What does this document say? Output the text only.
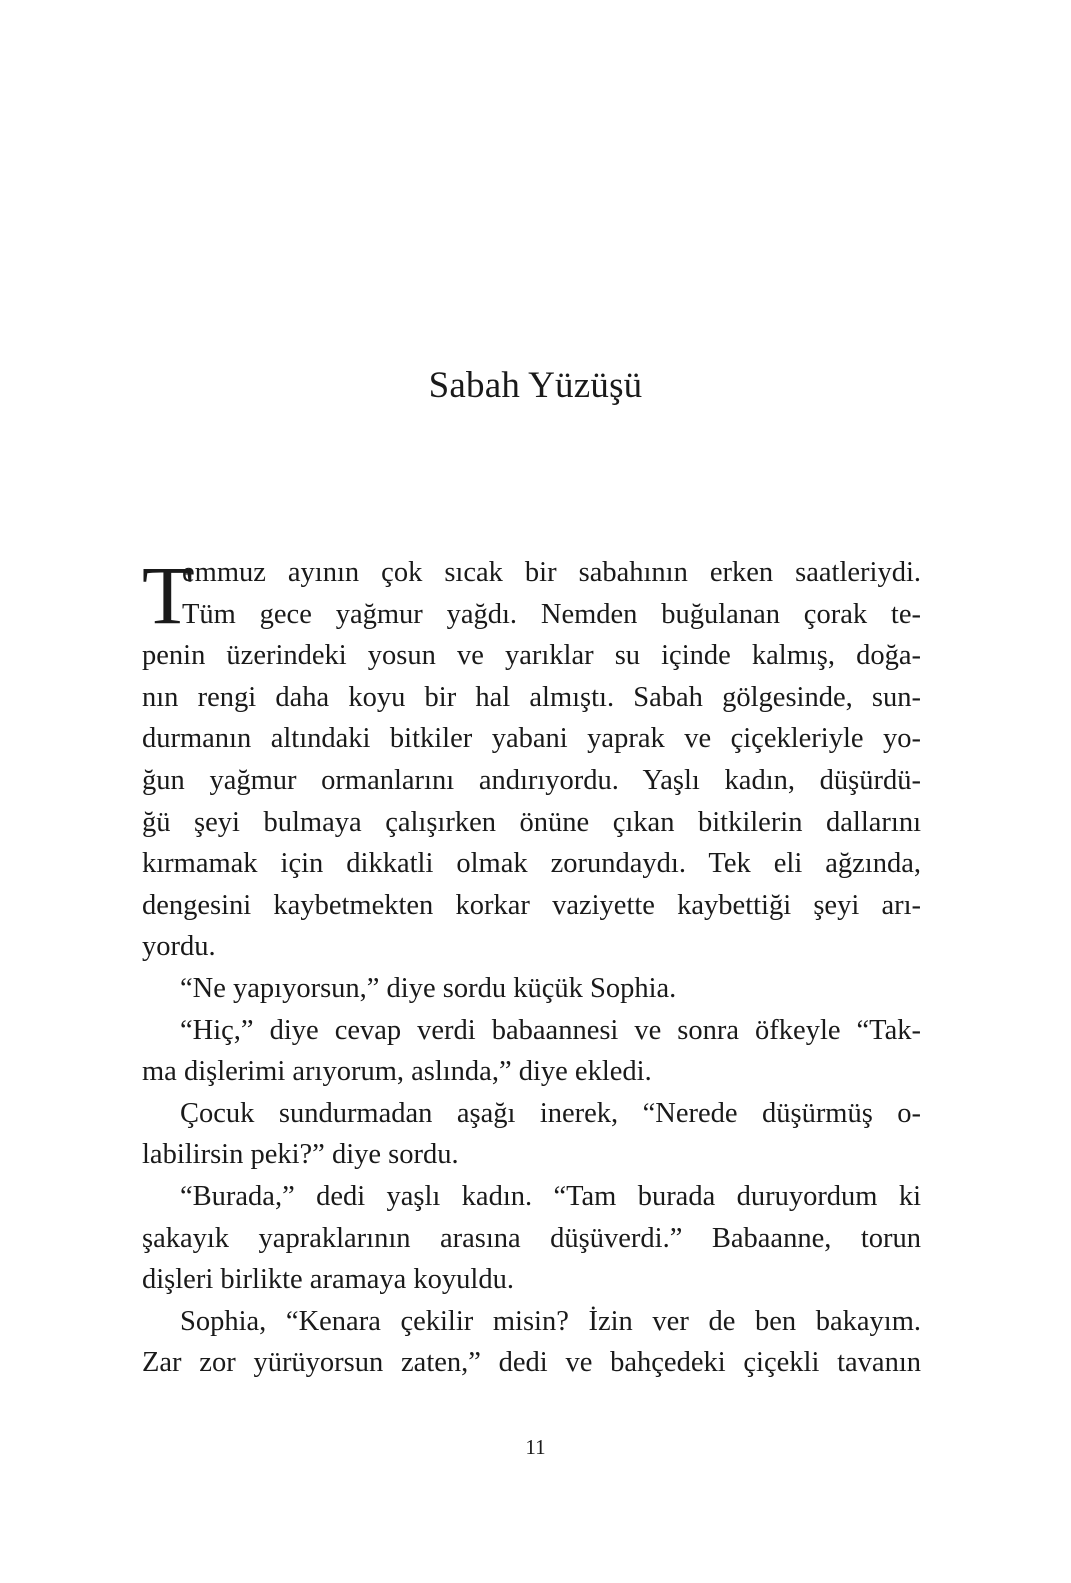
Sabah Yüzüşü
T
emmuz ayının çok sıcak bir sabahının erken saatleriydi.
Tüm gece yağmur yağdı. Nemden buğulanan çorak te-
penin üzerindeki yosun ve yarıklar su içinde kalmış, doğa-
nın rengi daha koyu bir hal almıştı. Sabah gölgesinde, sun-
durmanın altındaki bitkiler yabani yaprak ve çiçekleriyle yo-
ğun yağmur ormanlarını andırıyordu. Yaşlı kadın, düşürdü-
ğü şeyi bulmaya çalışırken önüne çıkan bitkilerin dallarını
kırmamak için dikkatli olmak zorundaydı. Tek eli ağzında,
dengesini kaybetmekten korkar vaziyette kaybettiği şeyi arı-
yordu.
“Ne yapıyorsun,” diye sordu küçük Sophia.
“Hiç,” diye cevap verdi babaannesi ve sonra öfkeyle “Tak-
ma dişlerimi arıyorum, aslında,” diye ekledi.
Çocuk sundurmadan aşağı inerek, “Nerede düşürmüş o-
labilirsin peki?” diye sordu.
“Burada,” dedi yaşlı kadın. “Tam burada duruyordum ki
şakayık yapraklarının arasına düşüverdi.” Babaanne, torun
dişleri birlikte aramaya koyuldu.
Sophia, “Kenara çekilir misin? İzin ver de ben bakayım.
Zar zor yürüyorsun zaten,” dedi ve bahçedeki çiçekli tavanın
11
